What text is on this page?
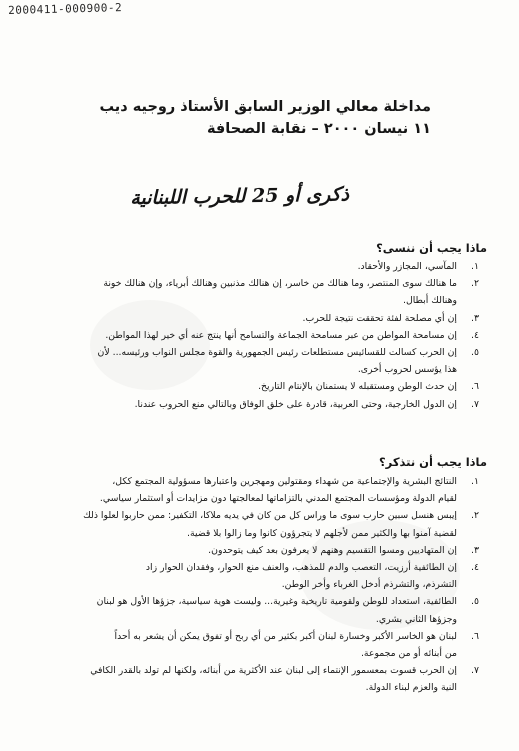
2000411-000900-2
مداخلة معالي الوزير السابق الأستاذ روجيه ديب
١١ نيسان ٢٠٠٠ – نقابة الصحافة
ذكرى أو 25 للحرب اللبنانية
ماذا يجب أن ننسى؟
١.
المآسي، المجازر والأحقاد.
٢.
ما هنالك سوى المنتصر، وما هنالك من خاسر، إن هنالك مذنبين وهنالك أبرياء، وإن هنالك خونة
وهنالك أبطال.
٣.
إن أي مصلحة لفئة تحققت نتيجة للحرب.
٤.
إن مسامحة المواطن من عبر مسامحة الجماعة والتسامح أنها ينتج عنه أي خير لهذا المواطن.
٥.
إن الحرب كسالت للقسائيس مستطلعات رئيس الجمهورية والقوة مجلس النواب ورئيسه... لأن
هذا يؤسس لحروب أخرى.
٦.
إن حدث الوطن ومستقبله لا يستمنان بالإنتام التاريخ.
٧.
إن الدول الخارجية، وحتى العربية، قادرة على خلق الوفاق وبالتالي منع الحروب عندنا.
ماذا يجب أن نتذكر؟
١.
النتائج البشرية والإجتماعية من شهداء ومقتولين ومهجرين واعتبارها مسؤولية المجتمع ككل،
لقيام الدولة ومؤسسات المجتمع المدني بالتزاماتها لمعالجتها دون مزايدات أو استثمار سياسي.
٢.
إيبس هنسل سبين حارب سوى ما وراس كل من كان في يديه ملاكا، التكفير: ممن حاربوا لعلوا ذلك
لقضية آمنوا بها والكثير ممن لأجلهم لا يتجرؤون كانوا وما زالوا بلا قضية.
٣.
إن المتهاديين ومسوا التقسيم وهنهم لا يعرفون بعد كيف يتوحدون.
٤.
إن الطائفية أرزيت، التعصب والدم للمذهب، والعنف منع الحوار، وفقدان الحوار زاد
التشرذم، والتشرذم أدخل الغرباء وأخر الوطن.
٥.
الطائفية، استعداد للوطن ولقومية تاريخية وغيرية... وليست هوية سياسية، جزؤها الأول هو لبنان
وجزؤها الثاني بشري.
٦.
لبنان هو الخاسر الأكبر وخسارة لبنان أكبر بكثير من أي ربح أو تفوق يمكن أن يشعر به أحداً
من أبنائه أو من مجموعة.
٧.
إن الحرب قسوت بمعسمور الإنتماء إلى لبنان عند الأكثرية من أبنائه، ولكنها لم تولد بالقدر الكافي
النية والعزم لبناء الدولة.
